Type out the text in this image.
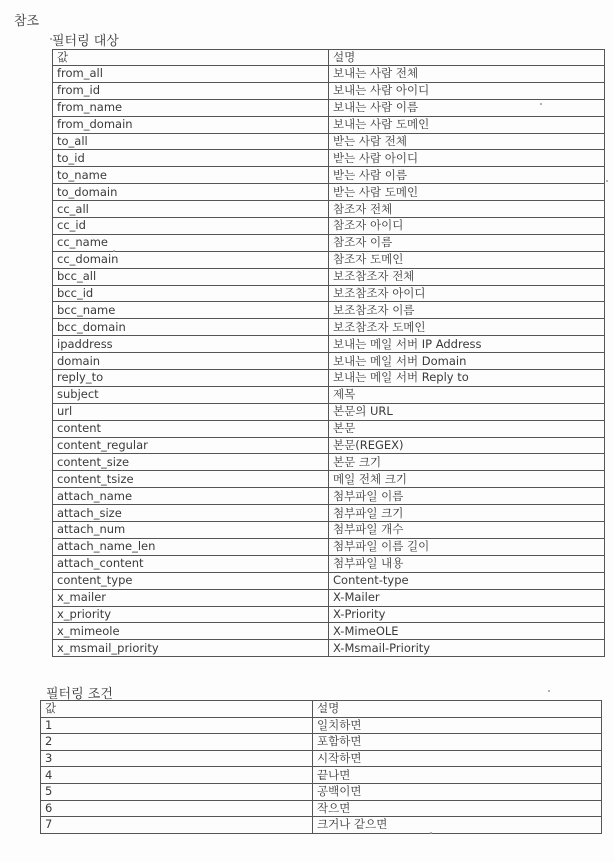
참조
필터링 대상
값	설명
from_all	보내는 사람 전체
from_id	보내는 사람 아이디
from_name	보내는 사람 이름
from_domain	보내는 사람 도메인
to_all	받는 사람 전체
to_id	받는 사람 아이디
to_name	받는 사람 이름
to_domain	받는 사람 도메인
cc_all	참조자 전체
cc_id	참조자 아이디
cc_name	참조자 이름
cc_domain	참조자 도메인
bcc_all	보조참조자 전체
bcc_id	보조참조자 아이디
bcc_name	보조참조자 이름
bcc_domain	보조참조자 도메인
ipaddress	보내는 메일 서버 IP Address
domain	보내는 메일 서버 Domain
reply_to	보내는 메일 서버 Reply to
subject	제목
url	본문의 URL
content	본문
content_regular	본문(REGEX)
content_size	본문 크기
content_tsize	메일 전체 크기
attach_name	첨부파일 이름
attach_size	첨부파일 크기
attach_num	첨부파일 개수
attach_name_len	첨부파일 이름 길이
attach_content	첨부파일 내용
content_type	Content-type
x_mailer	X-Mailer
x_priority	X-Priority
x_mimeole	X-MimeOLE
x_msmail_priority	X-Msmail-Priority
필터링 조건
값	설명
1	일치하면
2	포함하면
3	시작하면
4	끝나면
5	공백이면
6	작으면
7	크거나 같으면
